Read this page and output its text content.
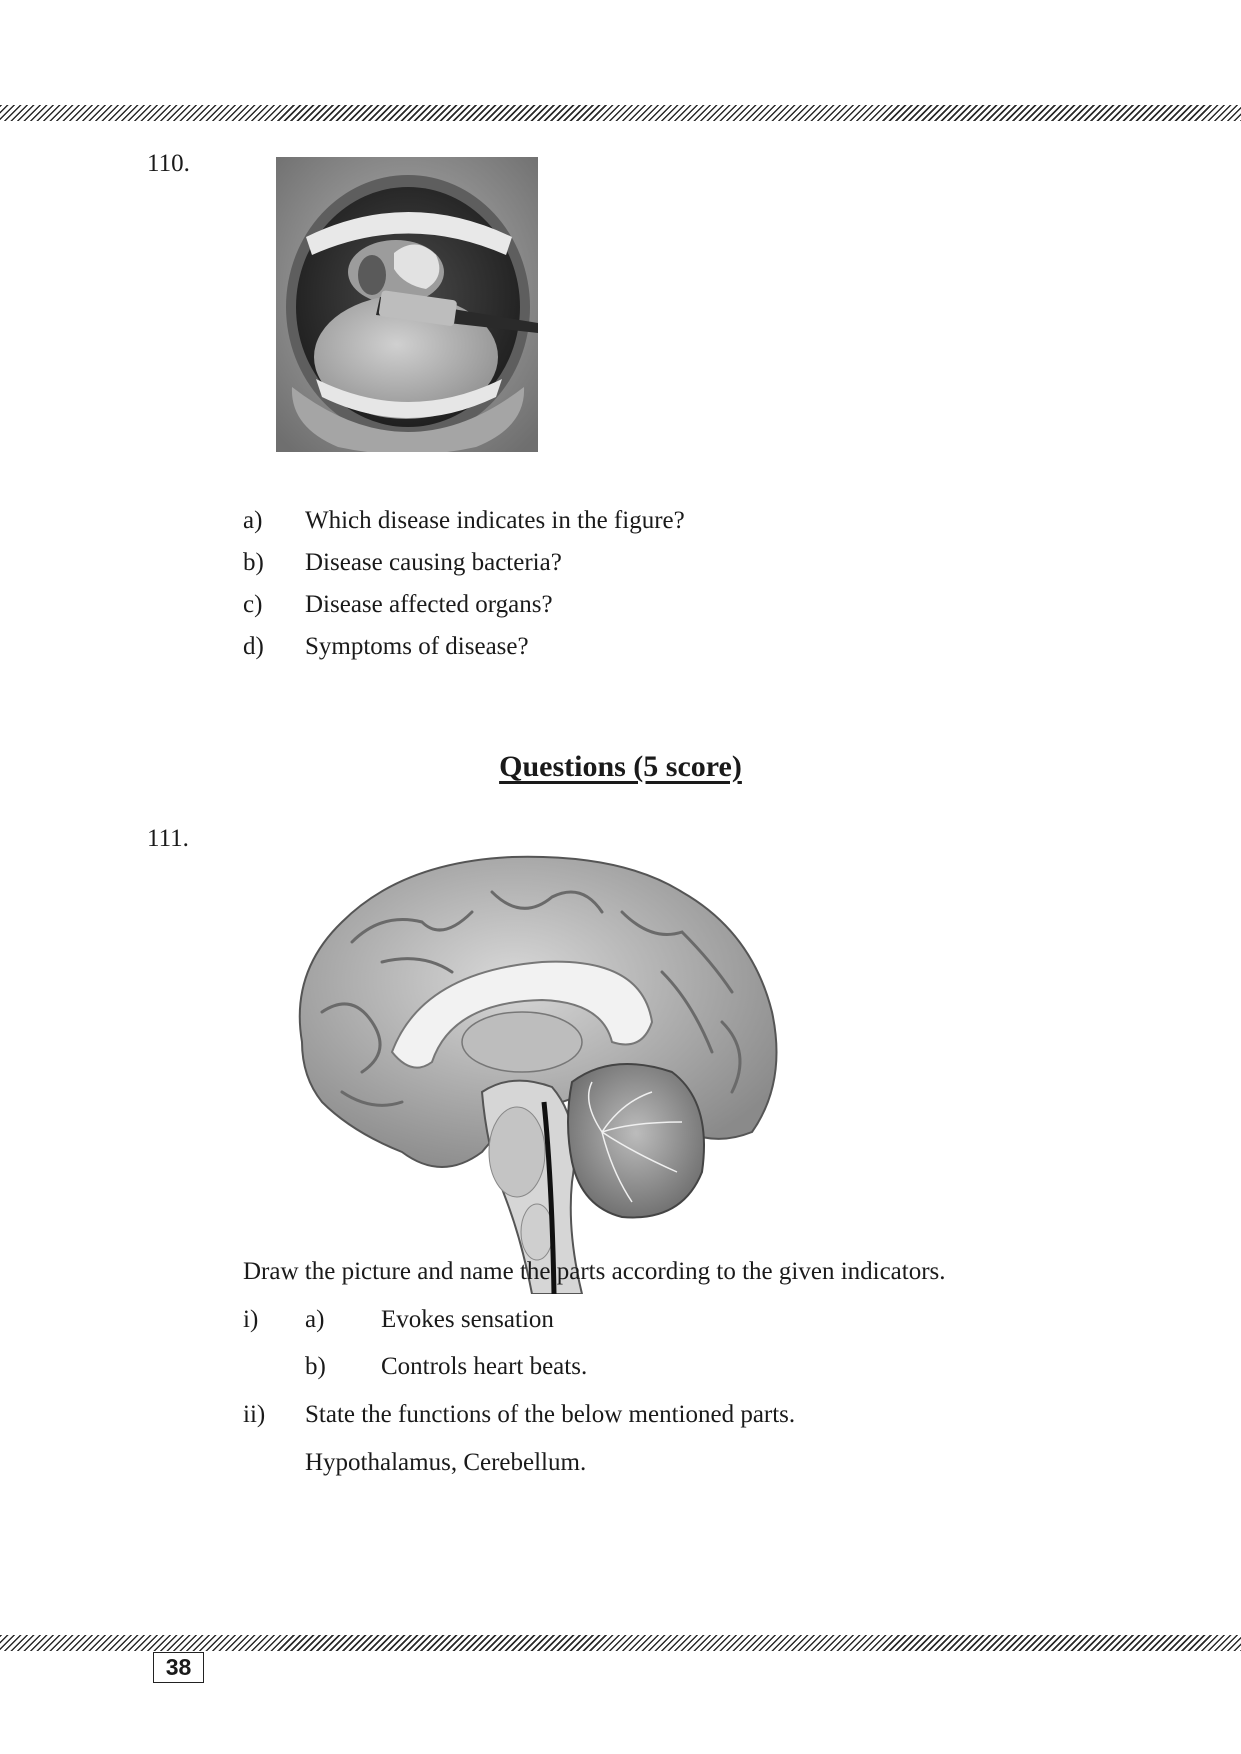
110.
a) Which disease indicates in the figure?
b) Disease causing bacteria?
c) Disease affected organs?
d) Symptoms of disease?
Questions (5 score)
111.
Draw the picture and name the parts according to the given indicators.
i) a) Evokes sensation
b) Controls heart beats.
ii) State the functions of the below mentioned parts.
Hypothalamus, Cerebellum.
38
